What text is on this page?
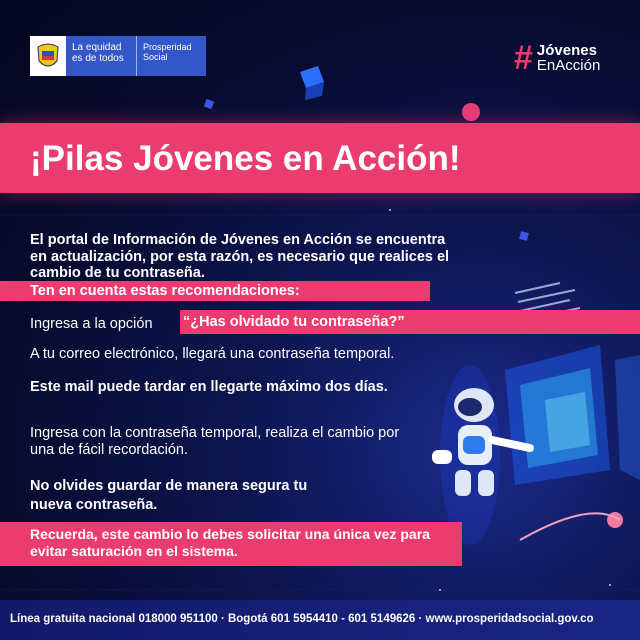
La equidad
es de todos
Prosperidad
Social	# Jóvenes
EnAcción
¡Pilas Jóvenes en Acción!
El portal de Información de Jóvenes en Acción se encuentra en actualización, por esta razón, es necesario que realices el cambio de tu contraseña.
Ten en cuenta estas recomendaciones:
Ingresa a la opción “¿Has olvidado tu contraseña?”
A tu correo electrónico, llegará una contraseña temporal.
Este mail puede tardar en llegarte máximo dos días.
Ingresa con la contraseña temporal, realiza el cambio por una de fácil recordación.
No olvides guardar de manera segura tu nueva contraseña.
Recuerda, este cambio lo debes solicitar una única vez para evitar saturación en el sistema.
Línea gratuita nacional 018000 951100 · Bogotá 601 5954410 - 601 5149626 · www.prosperidadsocial.gov.co
